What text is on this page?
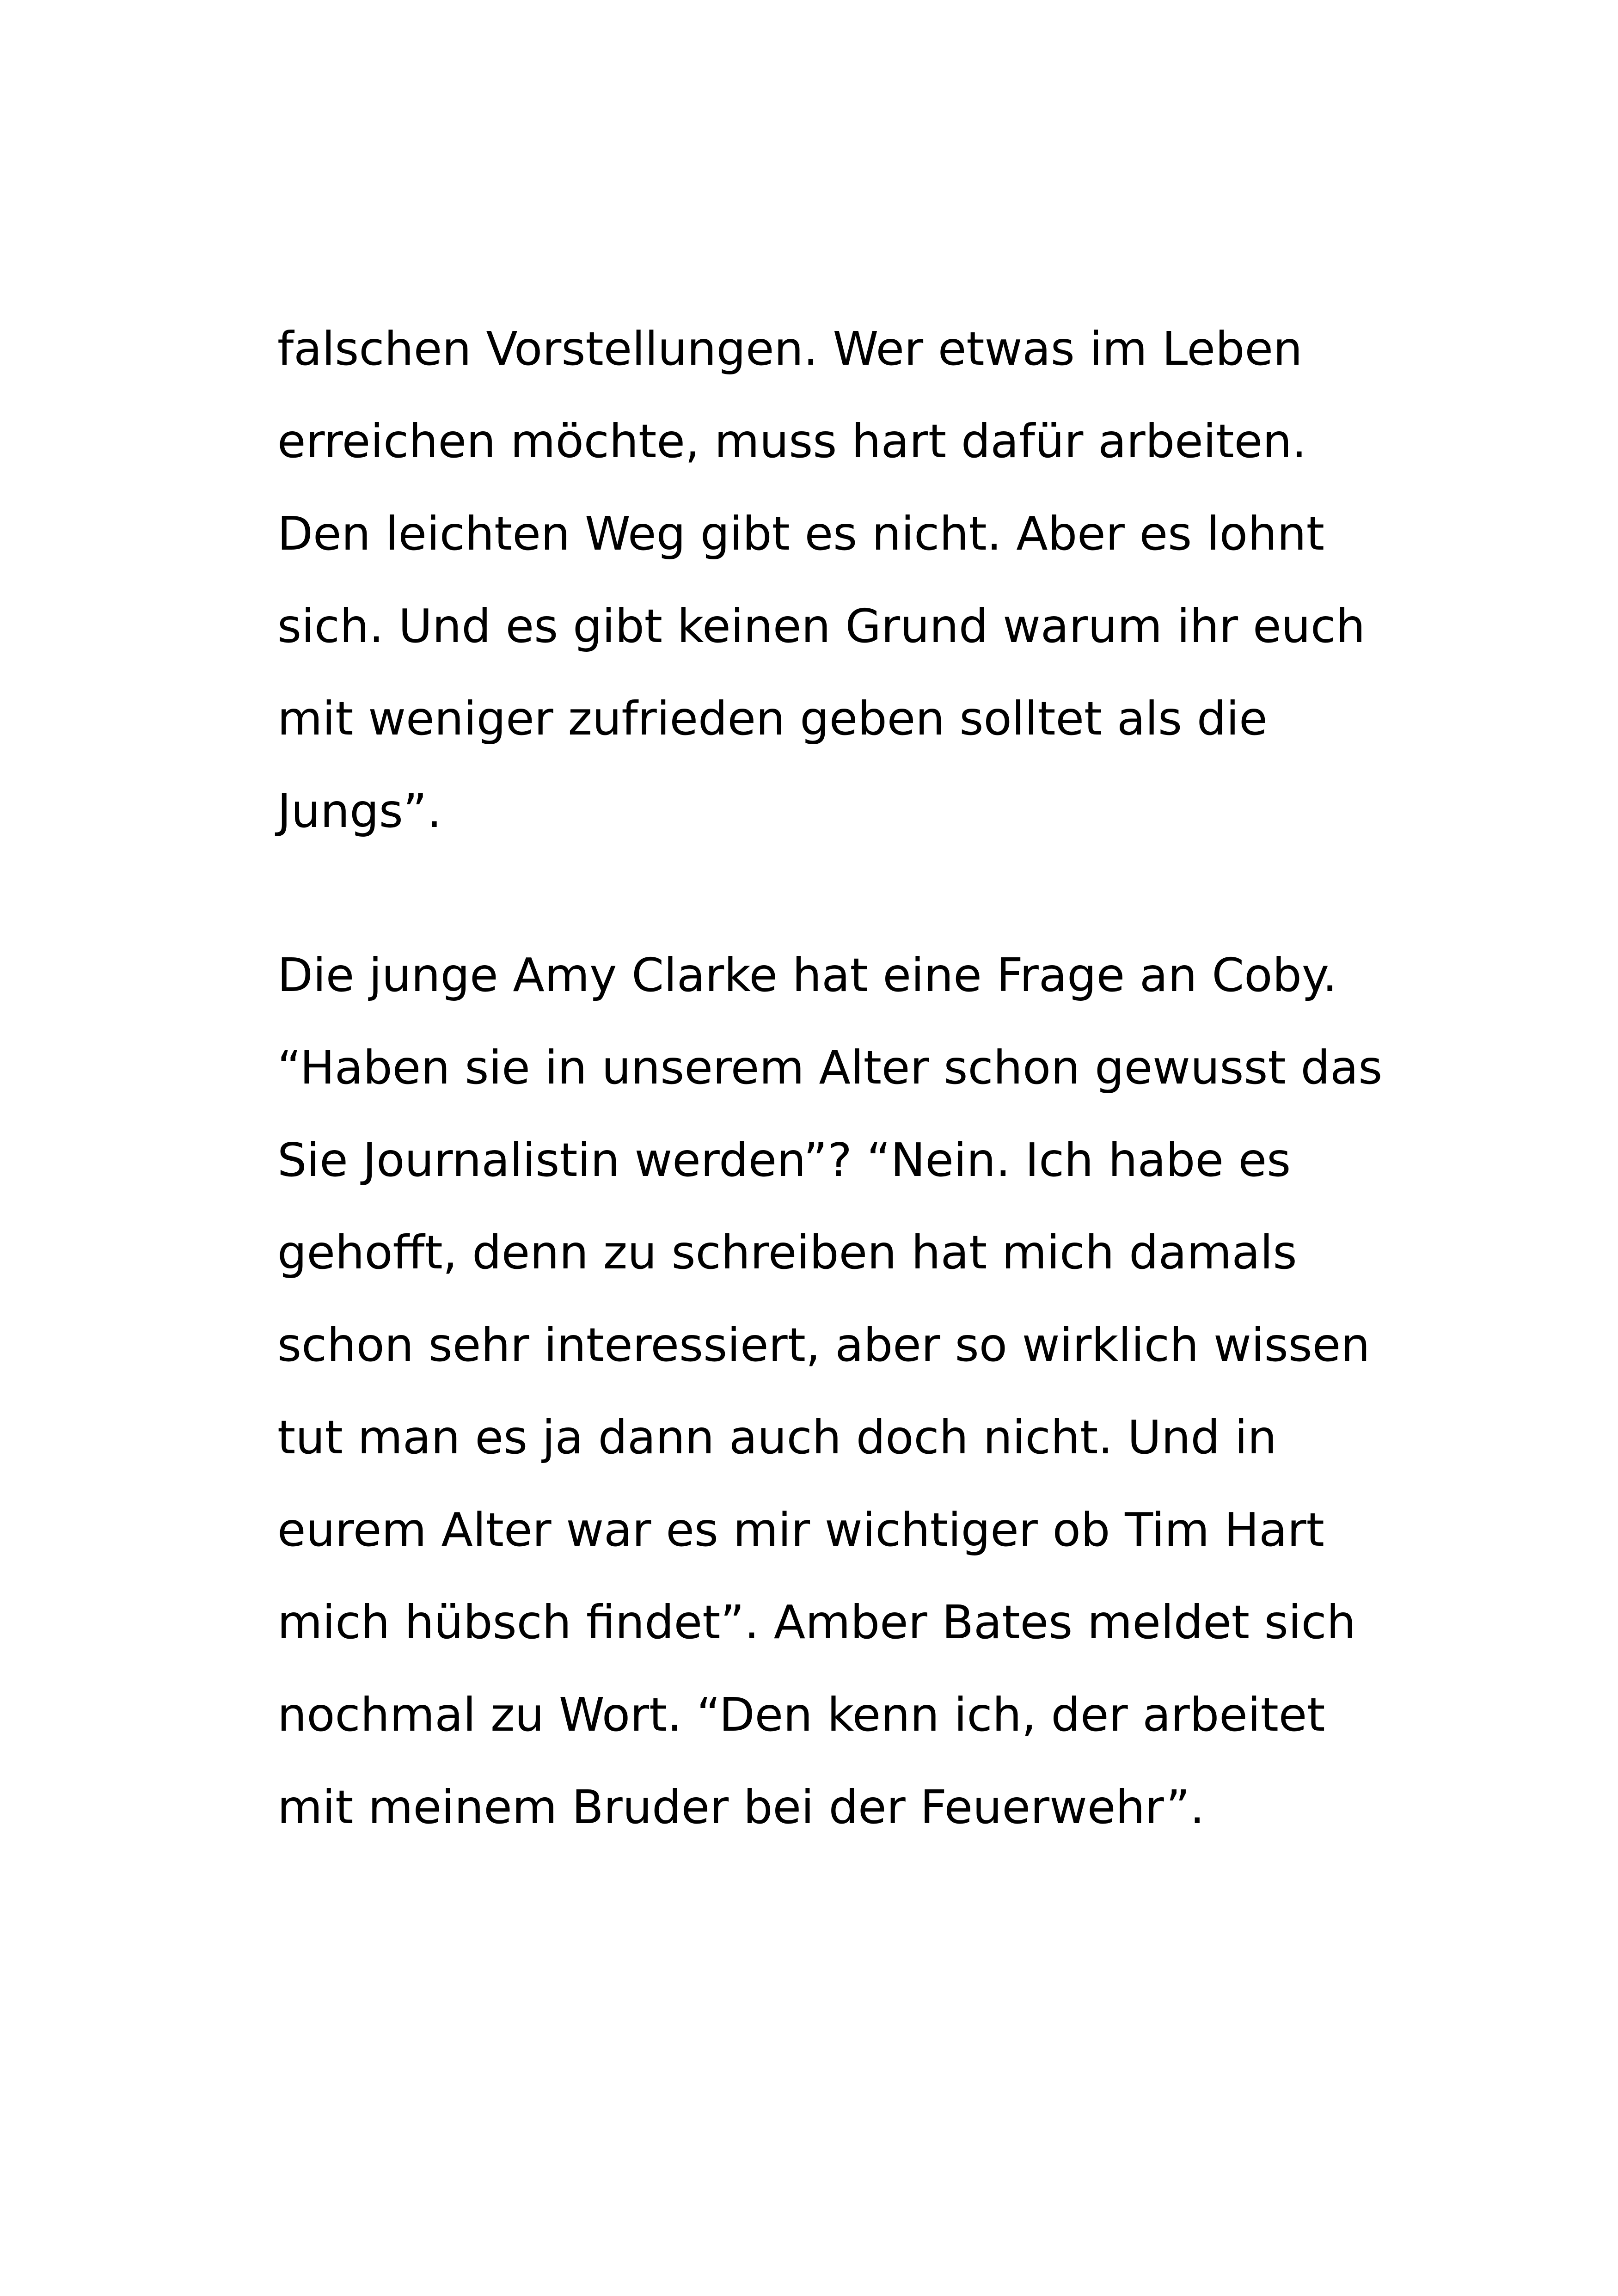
falschen Vorstellungen. Wer etwas im Leben
erreichen möchte, muss hart dafür arbeiten.
Den leichten Weg gibt es nicht. Aber es lohnt
sich. Und es gibt keinen Grund warum ihr euch
mit weniger zufrieden geben solltet als die
Jungs”.

Die junge Amy Clarke hat eine Frage an Coby.
“Haben sie in unserem Alter schon gewusst das
Sie Journalistin werden”? “Nein. Ich habe es
gehofft, denn zu schreiben hat mich damals
schon sehr interessiert, aber so wirklich wissen
tut man es ja dann auch doch nicht. Und in
eurem Alter war es mir wichtiger ob Tim Hart
mich hübsch findet”. Amber Bates meldet sich
nochmal zu Wort. “Den kenn ich, der arbeitet
mit meinem Bruder bei der Feuerwehr”.
